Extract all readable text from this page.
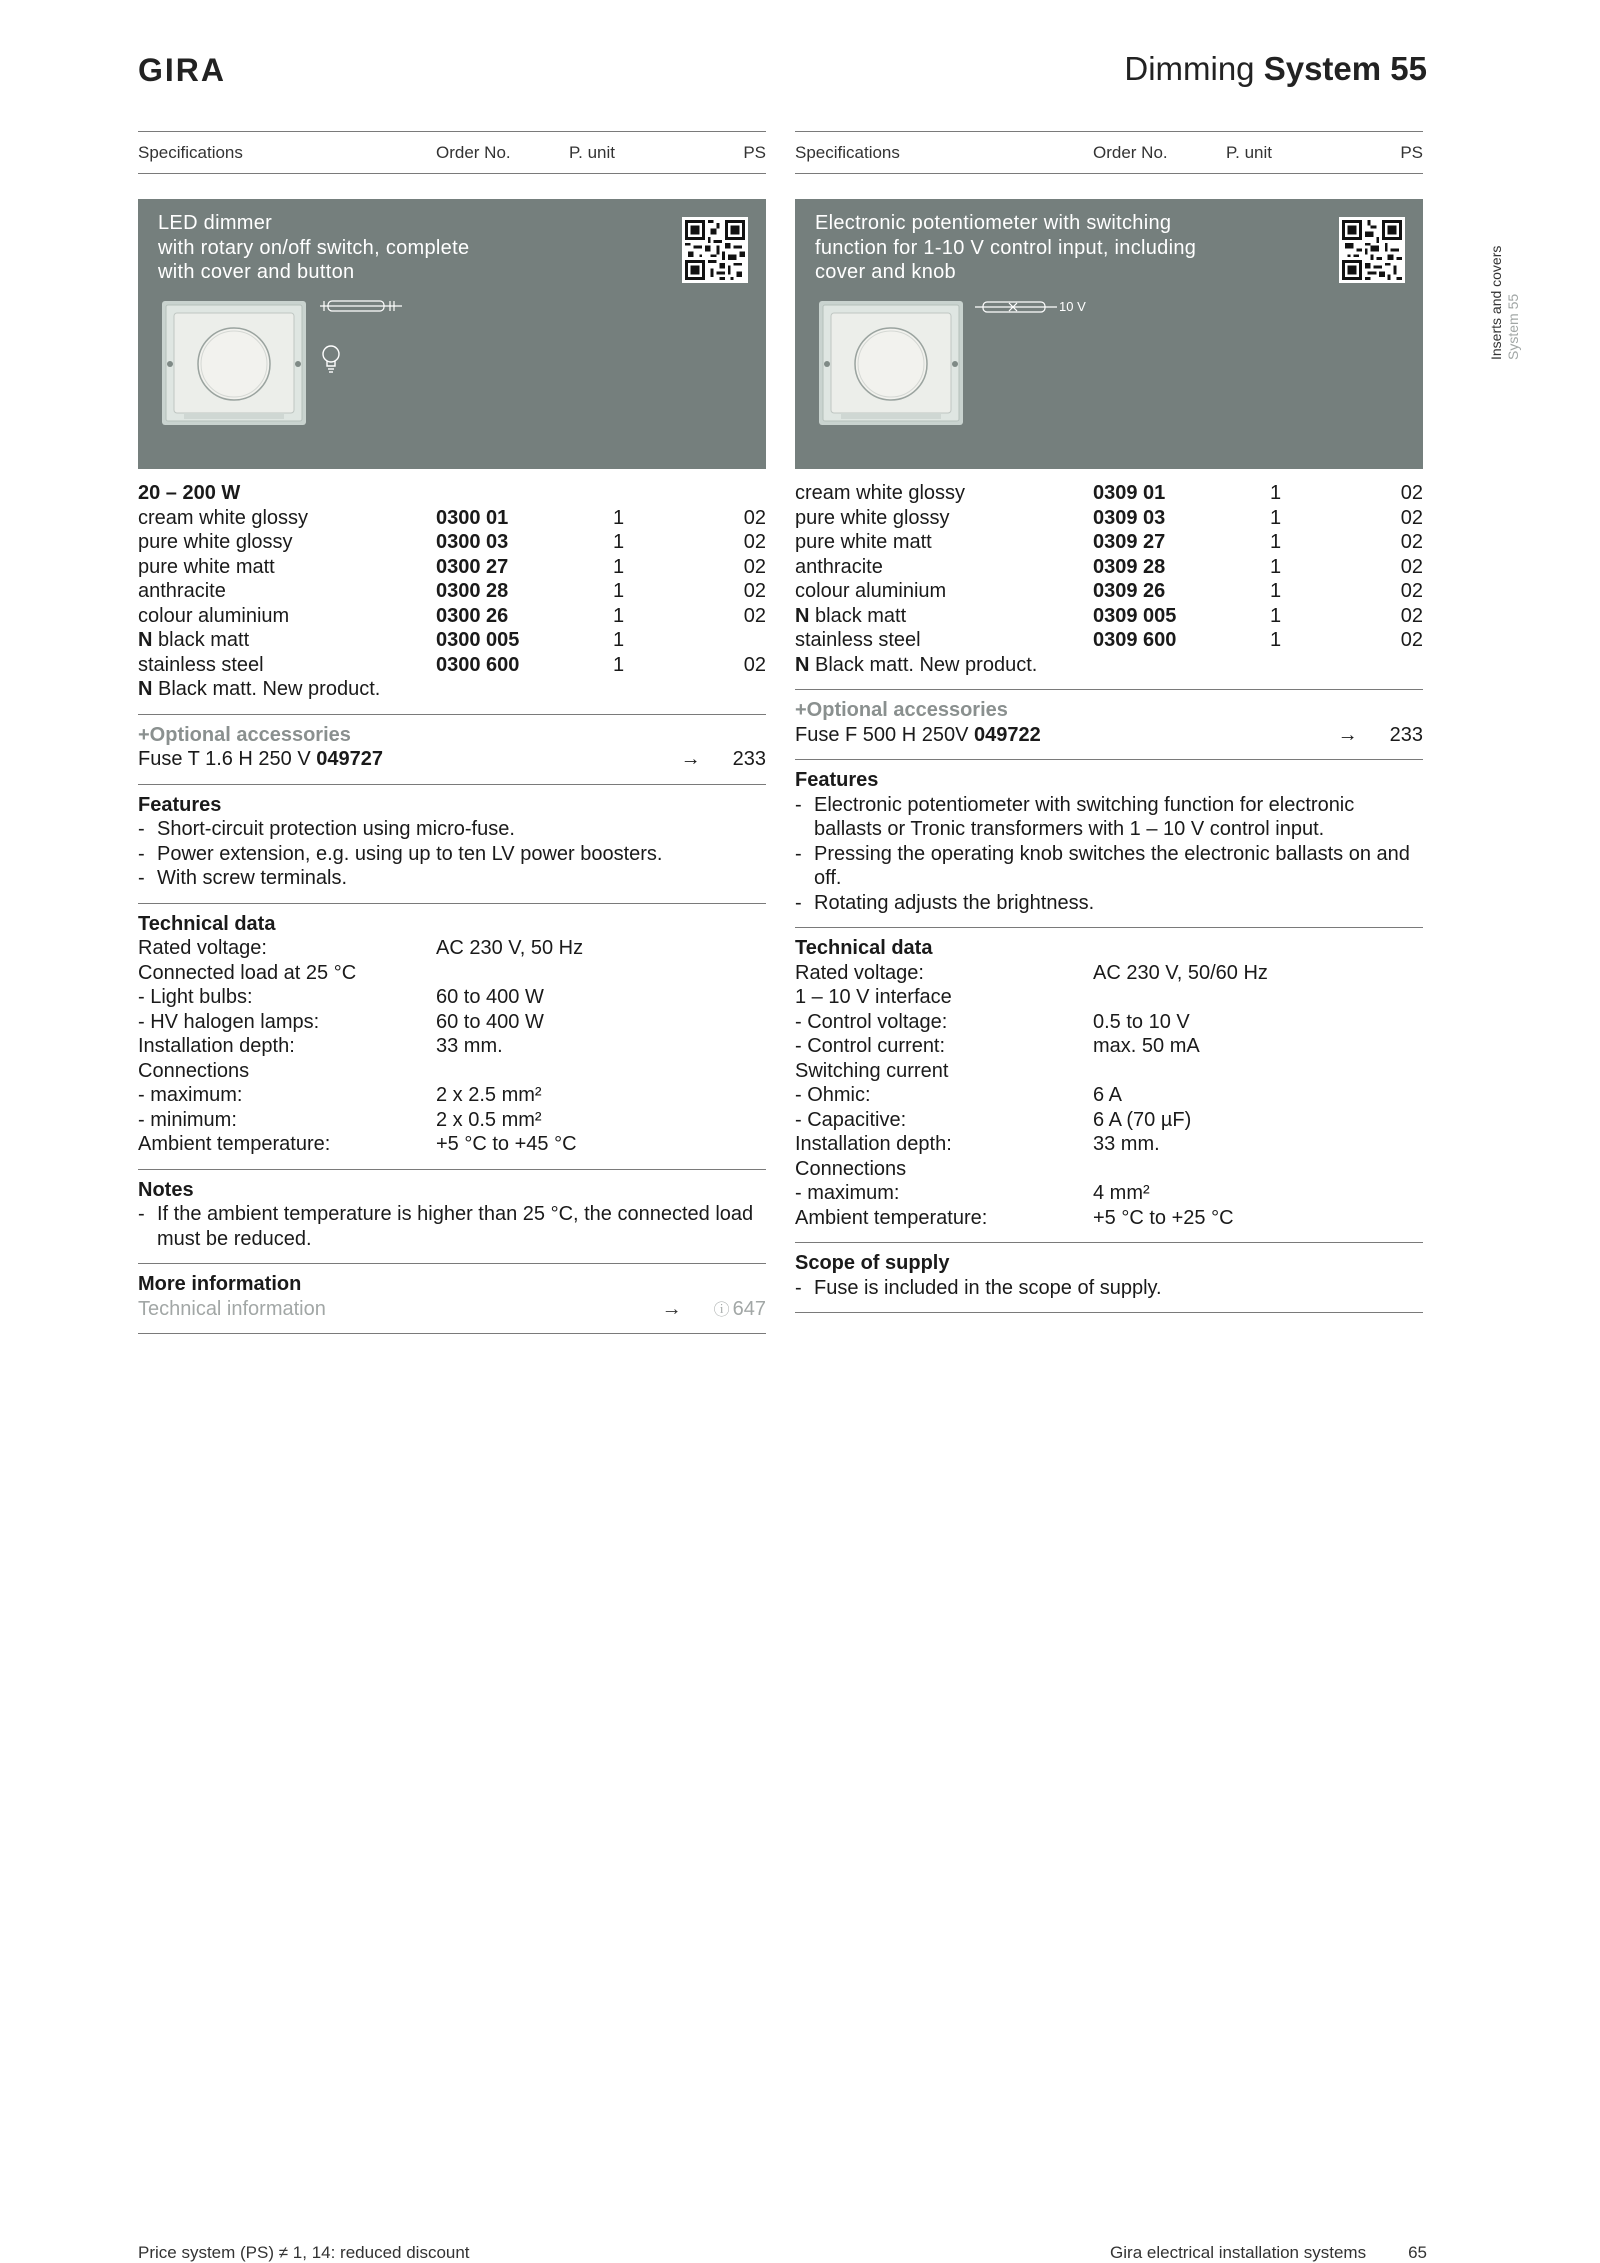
GIRA	Dimming System 55
Specifications	Order No.	P. unit	PS
LED dimmer
with rotary on/off switch, complete
with cover and button
20 – 200 W
cream white glossy	0300 01	1	02
pure white glossy	0300 03	1	02
pure white matt	0300 27	1	02
anthracite	0300 28	1	02
colour aluminium	0300 26	1	02
N black matt	0300 005	1
stainless steel	0300 600	1	02
N Black matt. New product.
+Optional accessories
Fuse T 1.6 H 250 V 049727	→ 233
Features
- Short-circuit protection using micro-fuse.
- Power extension, e.g. using up to ten LV power boosters.
- With screw terminals.
Technical data
Rated voltage:	AC 230 V, 50 Hz
Connected load at 25 °C
- Light bulbs:	60 to 400 W
- HV halogen lamps:	60 to 400 W
Installation depth:	33 mm.
Connections
- maximum:	2 x 2.5 mm²
- minimum:	2 x 0.5 mm²
Ambient temperature:	+5 °C to +45 °C
Notes
- If the ambient temperature is higher than 25 °C, the connected load must be reduced.
More information
Technical information	→ ⓘ 647
Specifications	Order No.	P. unit	PS
Electronic potentiometer with switching
function for 1-10 V control input, including
cover and knob
10 V
cream white glossy	0309 01	1	02
pure white glossy	0309 03	1	02
pure white matt	0309 27	1	02
anthracite	0309 28	1	02
colour aluminium	0309 26	1	02
N black matt	0309 005	1	02
stainless steel	0309 600	1	02
N Black matt. New product.
+Optional accessories
Fuse F 500 H 250V 049722	→ 233
Features
- Electronic potentiometer with switching function for electronic ballasts or Tronic transformers with 1 – 10 V control input.
- Pressing the operating knob switches the electronic ballasts on and off.
- Rotating adjusts the brightness.
Technical data
Rated voltage:	AC 230 V, 50/60 Hz
1 – 10 V interface
- Control voltage:	0.5 to 10 V
- Control current:	max. 50 mA
Switching current
- Ohmic:	6 A
- Capacitive:	6 A (70 µF)
Installation depth:	33 mm.
Connections
- maximum:	4 mm²
Ambient temperature:	+5 °C to +25 °C
Scope of supply
- Fuse is included in the scope of supply.
Inserts and covers System 55
Price system (PS) ≠ 1, 14: reduced discount	Gira electrical installation systems 65
